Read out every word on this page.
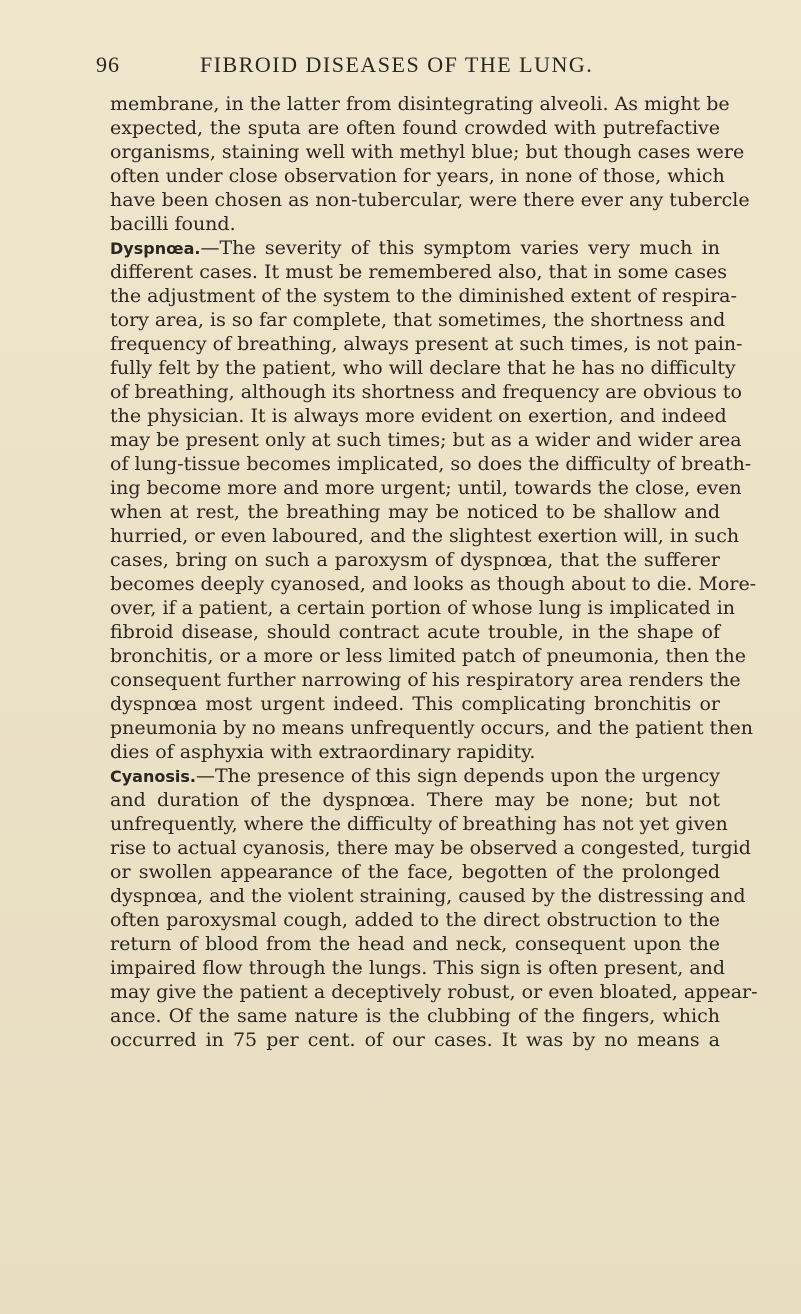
96	FIBROID DISEASES OF THE LUNG.
membrane, in the latter from disintegrating alveoli. As might be
expected, the sputa are often found crowded with putrefactive
organisms, staining well with methyl blue; but though cases were
often under close observation for years, in none of those, which
have been chosen as non-tubercular, were there ever any tubercle
bacilli found.
Dyspnœa.—The severity of this symptom varies very much in
different cases. It must be remembered also, that in some cases
the adjustment of the system to the diminished extent of respira-
tory area, is so far complete, that sometimes, the shortness and
frequency of breathing, always present at such times, is not pain-
fully felt by the patient, who will declare that he has no difficulty
of breathing, although its shortness and frequency are obvious to
the physician. It is always more evident on exertion, and indeed
may be present only at such times; but as a wider and wider area
of lung-tissue becomes implicated, so does the difficulty of breath-
ing become more and more urgent; until, towards the close, even
when at rest, the breathing may be noticed to be shallow and
hurried, or even laboured, and the slightest exertion will, in such
cases, bring on such a paroxysm of dyspnœa, that the sufferer
becomes deeply cyanosed, and looks as though about to die. More-
over, if a patient, a certain portion of whose lung is implicated in
fibroid disease, should contract acute trouble, in the shape of
bronchitis, or a more or less limited patch of pneumonia, then the
consequent further narrowing of his respiratory area renders the
dyspnœa most urgent indeed. This complicating bronchitis or
pneumonia by no means unfrequently occurs, and the patient then
dies of asphyxia with extraordinary rapidity.
Cyanosis.—The presence of this sign depends upon the urgency
and duration of the dyspnœa. There may be none; but not
unfrequently, where the difficulty of breathing has not yet given
rise to actual cyanosis, there may be observed a congested, turgid
or swollen appearance of the face, begotten of the prolonged
dyspnœa, and the violent straining, caused by the distressing and
often paroxysmal cough, added to the direct obstruction to the
return of blood from the head and neck, consequent upon the
impaired flow through the lungs. This sign is often present, and
may give the patient a deceptively robust, or even bloated, appear-
ance. Of the same nature is the clubbing of the fingers, which
occurred in 75 per cent. of our cases. It was by no means a
